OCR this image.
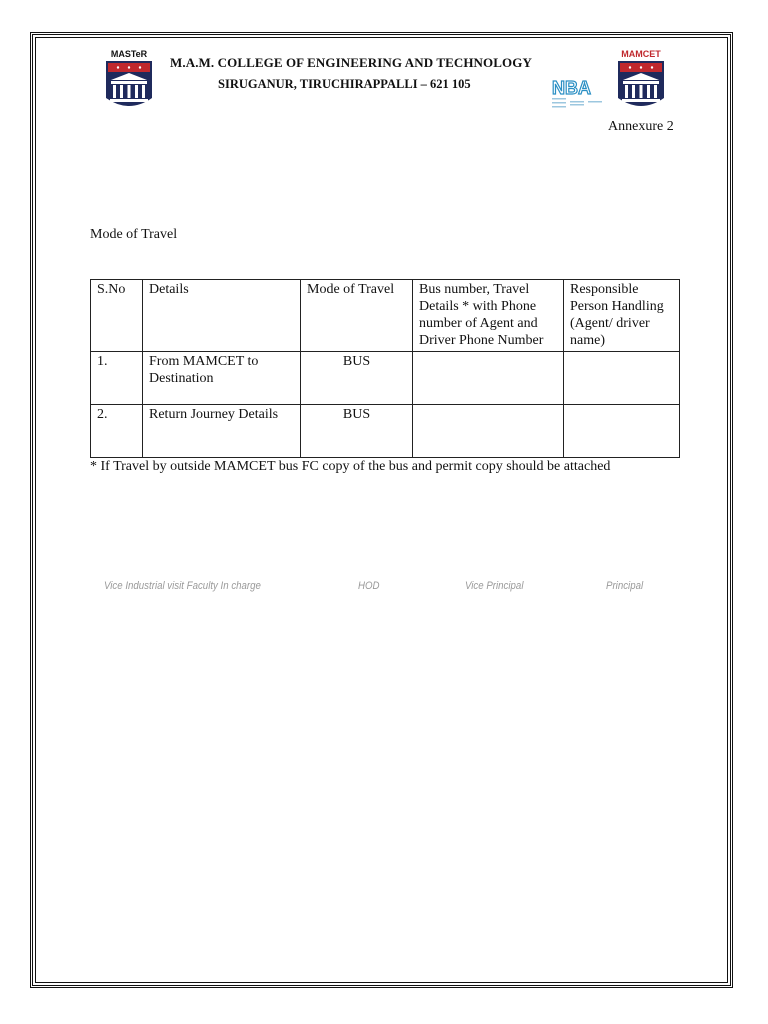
MASTeR	MAMCET
NBA
M.A.M. COLLEGE OF ENGINEERING AND TECHNOLOGY
SIRUGANUR, TIRUCHIRAPPALLI – 621 105
Annexure 2
Mode of Travel
S.No	Details	Mode of Travel	Bus number, Travel Details * with Phone number of Agent and Driver Phone Number	Responsible Person Handling (Agent/ driver name)
1.	From MAMCET to Destination	BUS		
2.	Return Journey Details	BUS		
* If Travel by outside MAMCET bus FC copy of the bus and permit copy should be attached
Vice Industrial visit Faculty In charge	HOD	Vice Principal	Principal
